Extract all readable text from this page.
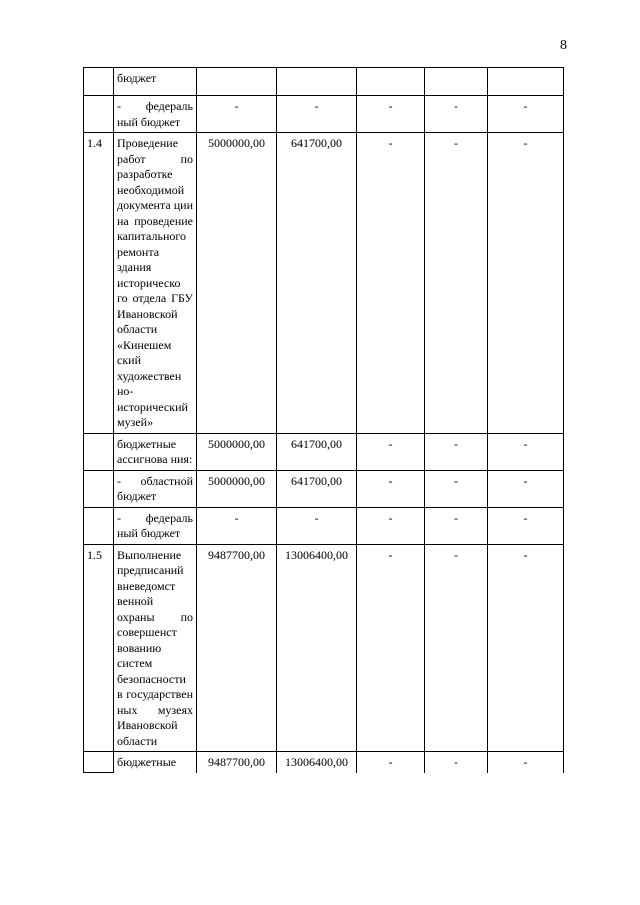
8
	бюджет					
	- федераль ный бюджет	-	-	-	-	-
1.4	Проведение работ по разработке необходимой документа ции на проведение капитального ремонта здания историческо го отдела ГБУ Ивановской области «Кинешем ский художествен но-исторический музей»	5000000,00	641700,00	-	-	-
	бюджетные ассигнова ния:	5000000,00	641700,00	-	-	-
	- областной бюджет	5000000,00	641700,00	-	-	-
	- федераль ный бюджет	-	-	-	-	-
1.5	Выполнение предписаний вневедомст венной охраны по совершенст вованию систем безопасности в государствен ных музеях Ивановской области	9487700,00	13006400,00	-	-	-
	бюджетные	9487700,00	13006400,00	-	-	-
